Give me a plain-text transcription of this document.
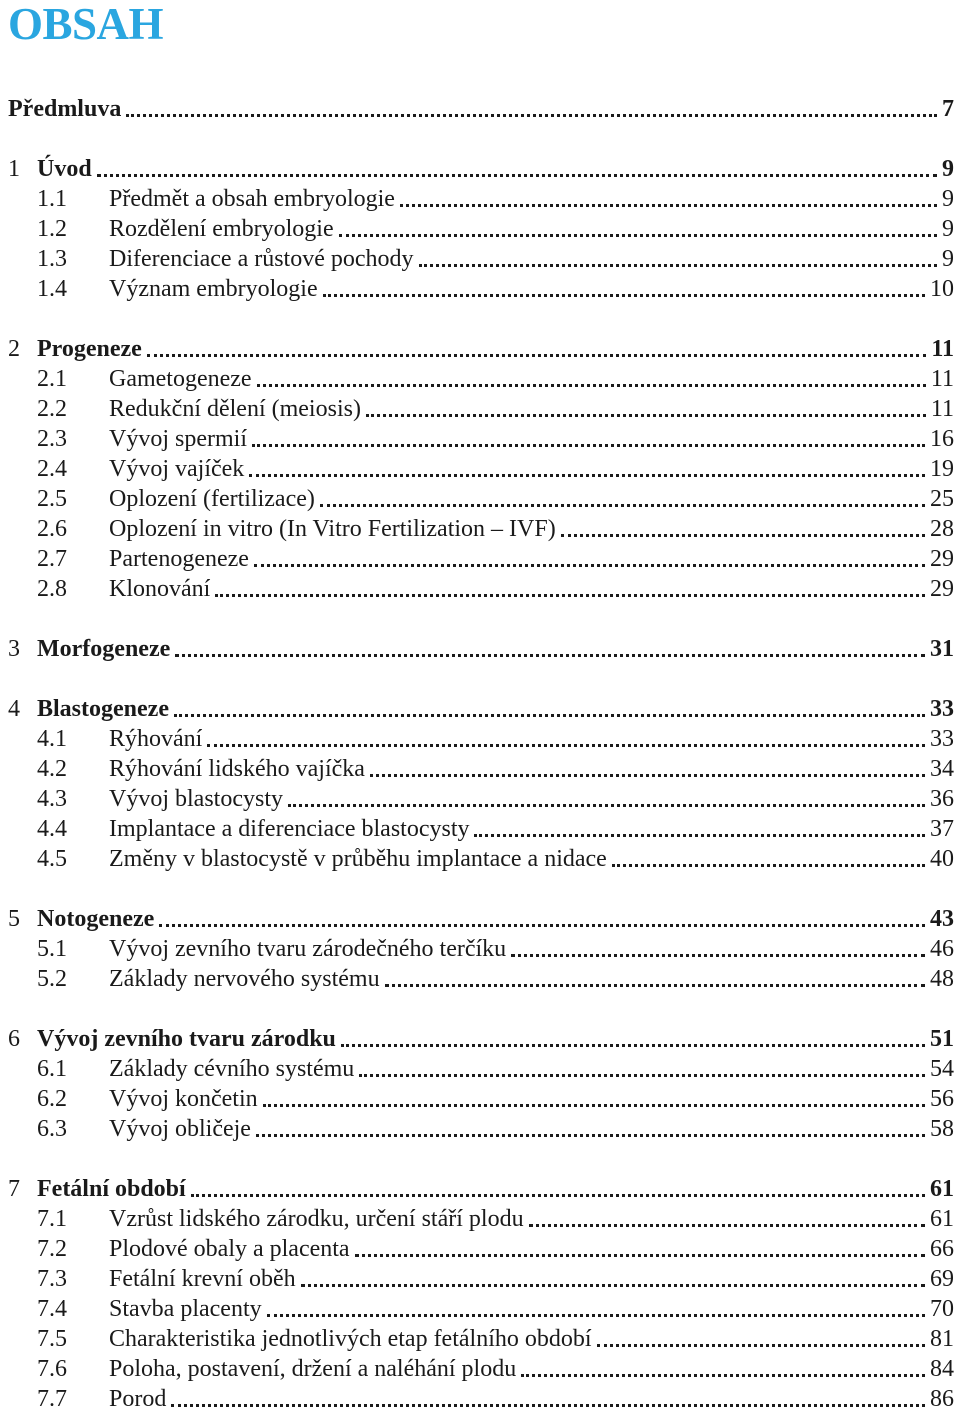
OBSAH
Předmluva	7
1 Úvod	9
1.1	Předmět a obsah embryologie	9
1.2	Rozdělení embryologie	9
1.3	Diferenciace a růstové pochody	9
1.4	Význam embryologie	10
2 Progeneze	11
2.1	Gametogeneze	11
2.2	Redukční dělení (meiosis)	11
2.3	Vývoj spermií	16
2.4	Vývoj vajíček	19
2.5	Oplození (fertilizace)	25
2.6	Oplození in vitro (In Vitro Fertilization – IVF)	28
2.7	Partenogeneze	29
2.8	Klonování	29
3 Morfogeneze	31
4 Blastogeneze	33
4.1	Rýhování	33
4.2	Rýhování lidského vajíčka	34
4.3	Vývoj blastocysty	36
4.4	Implantace a diferenciace blastocysty	37
4.5	Změny v blastocystě v průběhu implantace a nidace	40
5 Notogeneze	43
5.1	Vývoj zevního tvaru zárodečného terčíku	46
5.2	Základy nervového systému	48
6 Vývoj zevního tvaru zárodku	51
6.1	Základy cévního systému	54
6.2	Vývoj končetin	56
6.3	Vývoj obličeje	58
7 Fetální období	61
7.1	Vzrůst lidského zárodku, určení stáří plodu	61
7.2	Plodové obaly a placenta	66
7.3	Fetální krevní oběh	69
7.4	Stavba placenty	70
7.5	Charakteristika jednotlivých etap fetálního období	81
7.6	Poloha, postavení, držení a naléhání plodu	84
7.7	Porod	86
